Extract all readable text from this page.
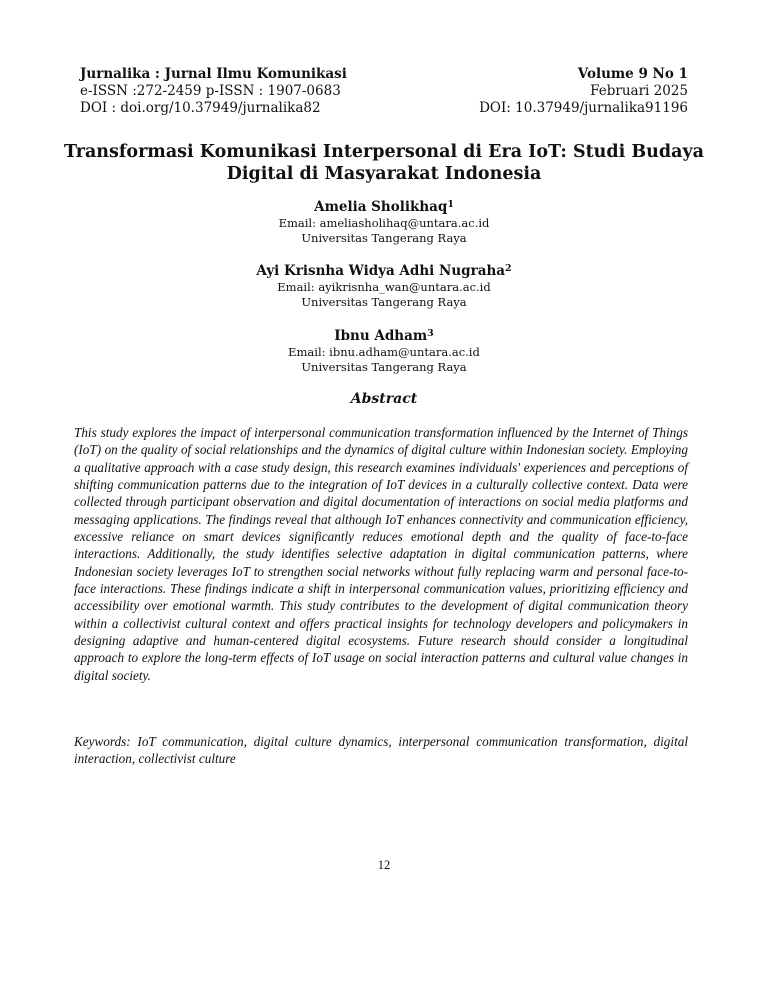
Jurnalika : Jurnal Ilmu Komunikasi	Volume 9 No 1
e-ISSN :272-2459 p-ISSN : 1907-0683	Februari 2025
DOI : doi.org/10.37949/jurnalika82	DOI: 10.37949/jurnalika91196
Transformasi Komunikasi Interpersonal di Era IoT: Studi Budaya Digital di Masyarakat Indonesia
Amelia Sholikhaq$^1$
Email: ameliasholihaq@untara.ac.id
Universitas Tangerang Raya
Ayi Krisnha Widya Adhi Nugraha$^2$
Email: ayikrisnha_wan@untara.ac.id
Universitas Tangerang Raya
Ibnu Adham$^3$
Email: ibnu.adham@untara.ac.id
Universitas Tangerang Raya
Abstract
This study explores the impact of interpersonal communication transformation influenced by the Internet of Things (IoT) on the quality of social relationships and the dynamics of digital culture within Indonesian society. Employing a qualitative approach with a case study design, this research examines individuals' experiences and perceptions of shifting communication patterns due to the integration of IoT devices in a culturally collective context. Data were collected through participant observation and digital documentation of interactions on social media platforms and messaging applications. The findings reveal that although IoT enhances connectivity and communication efficiency, excessive reliance on smart devices significantly reduces emotional depth and the quality of face-to-face interactions. Additionally, the study identifies selective adaptation in digital communication patterns, where Indonesian society leverages IoT to strengthen social networks without fully replacing warm and personal face-to-face interactions. These findings indicate a shift in interpersonal communication values, prioritizing efficiency and accessibility over emotional warmth. This study contributes to the development of digital communication theory within a collectivist cultural context and offers practical insights for technology developers and policymakers in designing adaptive and human-centered digital ecosystems. Future research should consider a longitudinal approach to explore the long-term effects of IoT usage on social interaction patterns and cultural value changes in digital society.
Keywords: IoT communication, digital culture dynamics, interpersonal communication transformation, digital interaction, collectivist culture
12
